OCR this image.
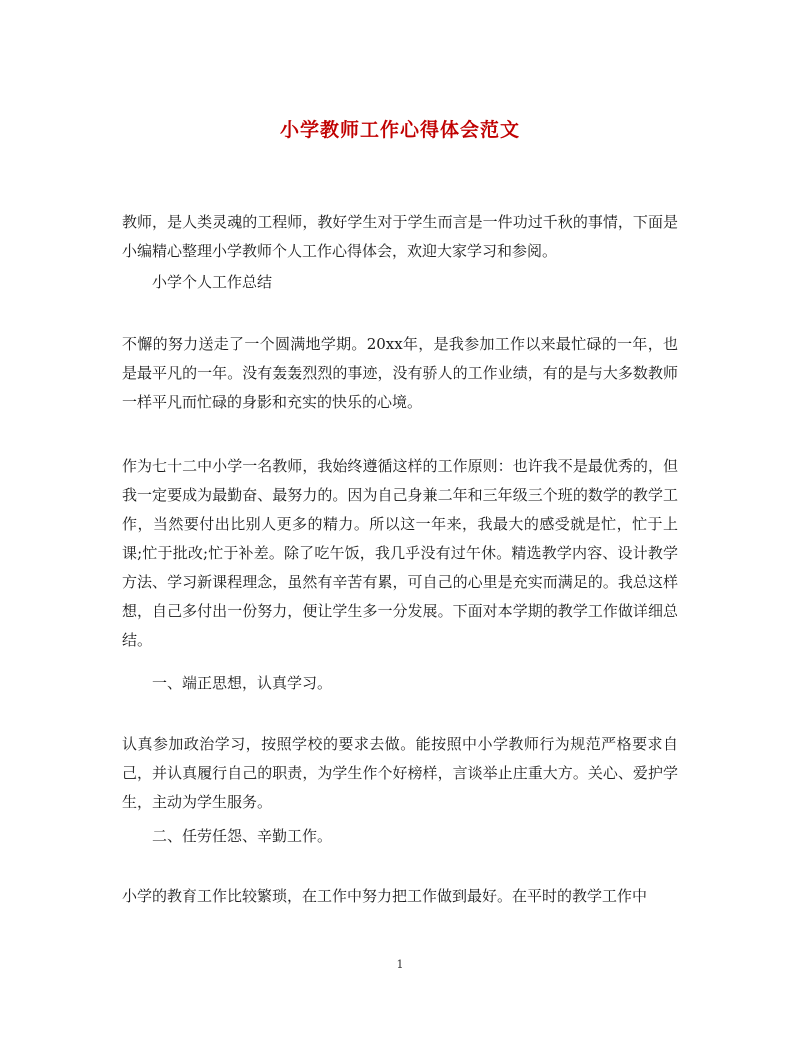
小学教师工作心得体会范文

教师，是人类灵魂的工程师，教好学生对于学生而言是一件功过千秋的事情，下面是小编精心整理小学教师个人工作心得体会，欢迎大家学习和参阅。

小学个人工作总结

不懈的努力送走了一个圆满地学期。20xx年，是我参加工作以来最忙碌的一年，也是最平凡的一年。没有轰轰烈烈的事迹，没有骄人的工作业绩，有的是与大多数教师一样平凡而忙碌的身影和充实的快乐的心境。

作为七十二中小学一名教师，我始终遵循这样的工作原则：也许我不是最优秀的，但我一定要成为最勤奋、最努力的。因为自己身兼二年和三年级三个班的数学的教学工作，当然要付出比别人更多的精力。所以这一年来，我最大的感受就是忙，忙于上课;忙于批改;忙于补差。除了吃午饭，我几乎没有过午休。精选教学内容、设计教学方法、学习新课程理念，虽然有辛苦有累，可自己的心里是充实而满足的。我总这样想，自己多付出一份努力，便让学生多一分发展。下面对本学期的教学工作做详细总结。

一、端正思想，认真学习。

认真参加政治学习，按照学校的要求去做。能按照中小学教师行为规范严格要求自己，并认真履行自己的职责，为学生作个好榜样，言谈举止庄重大方。关心、爱护学生，主动为学生服务。

二、任劳任怨、辛勤工作。

小学的教育工作比较繁琐，在工作中努力把工作做到最好。在平时的教学工作中

1
